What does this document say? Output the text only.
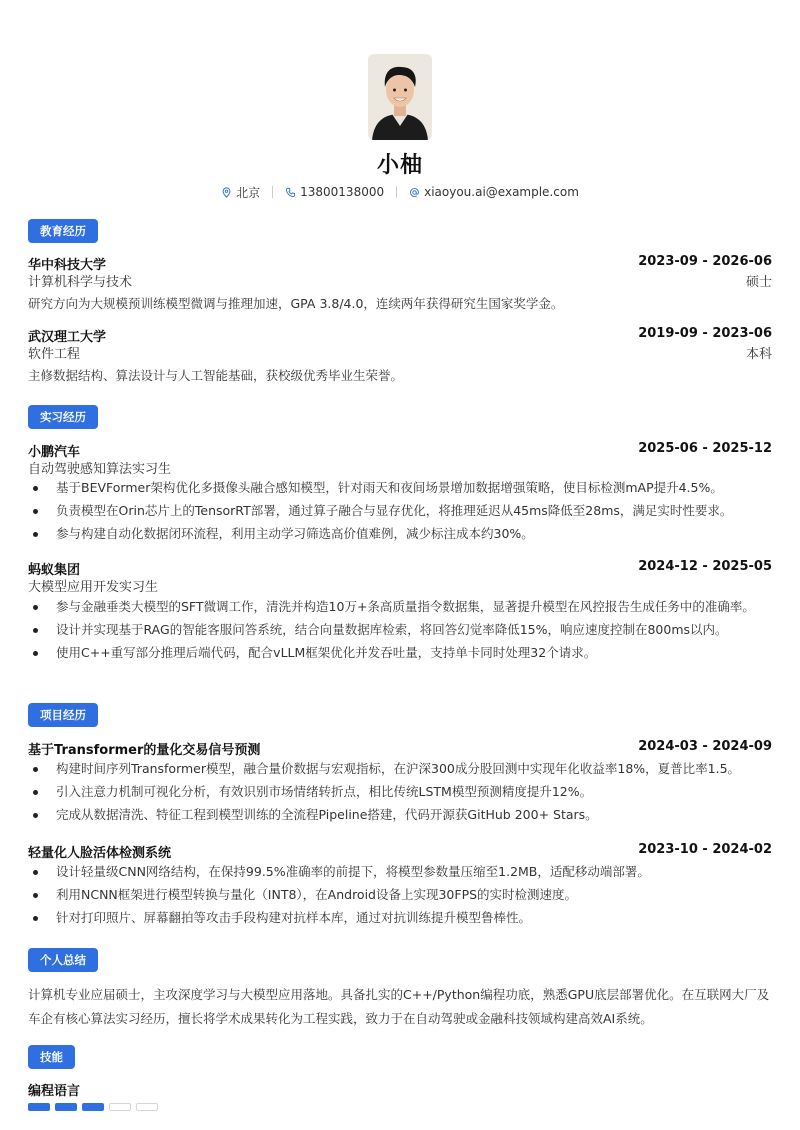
小柚
北京	13800138000	xiaoyou.ai@example.com
教育经历
华中科技大学	2023-09 - 2026-06
计算机科学与技术	硕士
研究方向为大规模预训练模型微调与推理加速，GPA 3.8/4.0，连续两年获得研究生国家奖学金。
武汉理工大学	2019-09 - 2023-06
软件工程	本科
主修数据结构、算法设计与人工智能基础，获校级优秀毕业生荣誉。
实习经历
小鹏汽车	2025-06 - 2025-12
自动驾驶感知算法实习生
基于BEVFormer架构优化多摄像头融合感知模型，针对雨天和夜间场景增加数据增强策略，使目标检测mAP提升4.5%。
负责模型在Orin芯片上的TensorRT部署，通过算子融合与显存优化，将推理延迟从45ms降低至28ms，满足实时性要求。
参与构建自动化数据闭环流程，利用主动学习筛选高价值难例，减少标注成本约30%。
蚂蚁集团	2024-12 - 2025-05
大模型应用开发实习生
参与金融垂类大模型的SFT微调工作，清洗并构造10万+条高质量指令数据集，显著提升模型在风控报告生成任务中的准确率。
设计并实现基于RAG的智能客服问答系统，结合向量数据库检索，将回答幻觉率降低15%，响应速度控制在800ms以内。
使用C++重写部分推理后端代码，配合vLLM框架优化并发吞吐量，支持单卡同时处理32个请求。
项目经历
基于Transformer的量化交易信号预测	2024-03 - 2024-09
构建时间序列Transformer模型，融合量价数据与宏观指标，在沪深300成分股回测中实现年化收益率18%，夏普比率1.5。
引入注意力机制可视化分析，有效识别市场情绪转折点，相比传统LSTM模型预测精度提升12%。
完成从数据清洗、特征工程到模型训练的全流程Pipeline搭建，代码开源获GitHub 200+ Stars。
轻量化人脸活体检测系统	2023-10 - 2024-02
设计轻量级CNN网络结构，在保持99.5%准确率的前提下，将模型参数量压缩至1.2MB，适配移动端部署。
利用NCNN框架进行模型转换与量化（INT8），在Android设备上实现30FPS的实时检测速度。
针对打印照片、屏幕翻拍等攻击手段构建对抗样本库，通过对抗训练提升模型鲁棒性。
个人总结
计算机专业应届硕士，主攻深度学习与大模型应用落地。具备扎实的C++/Python编程功底，熟悉GPU底层部署优化。在互联网大厂及车企有核心算法实习经历，擅长将学术成果转化为工程实践，致力于在自动驾驶或金融科技领域构建高效AI系统。
技能
编程语言
